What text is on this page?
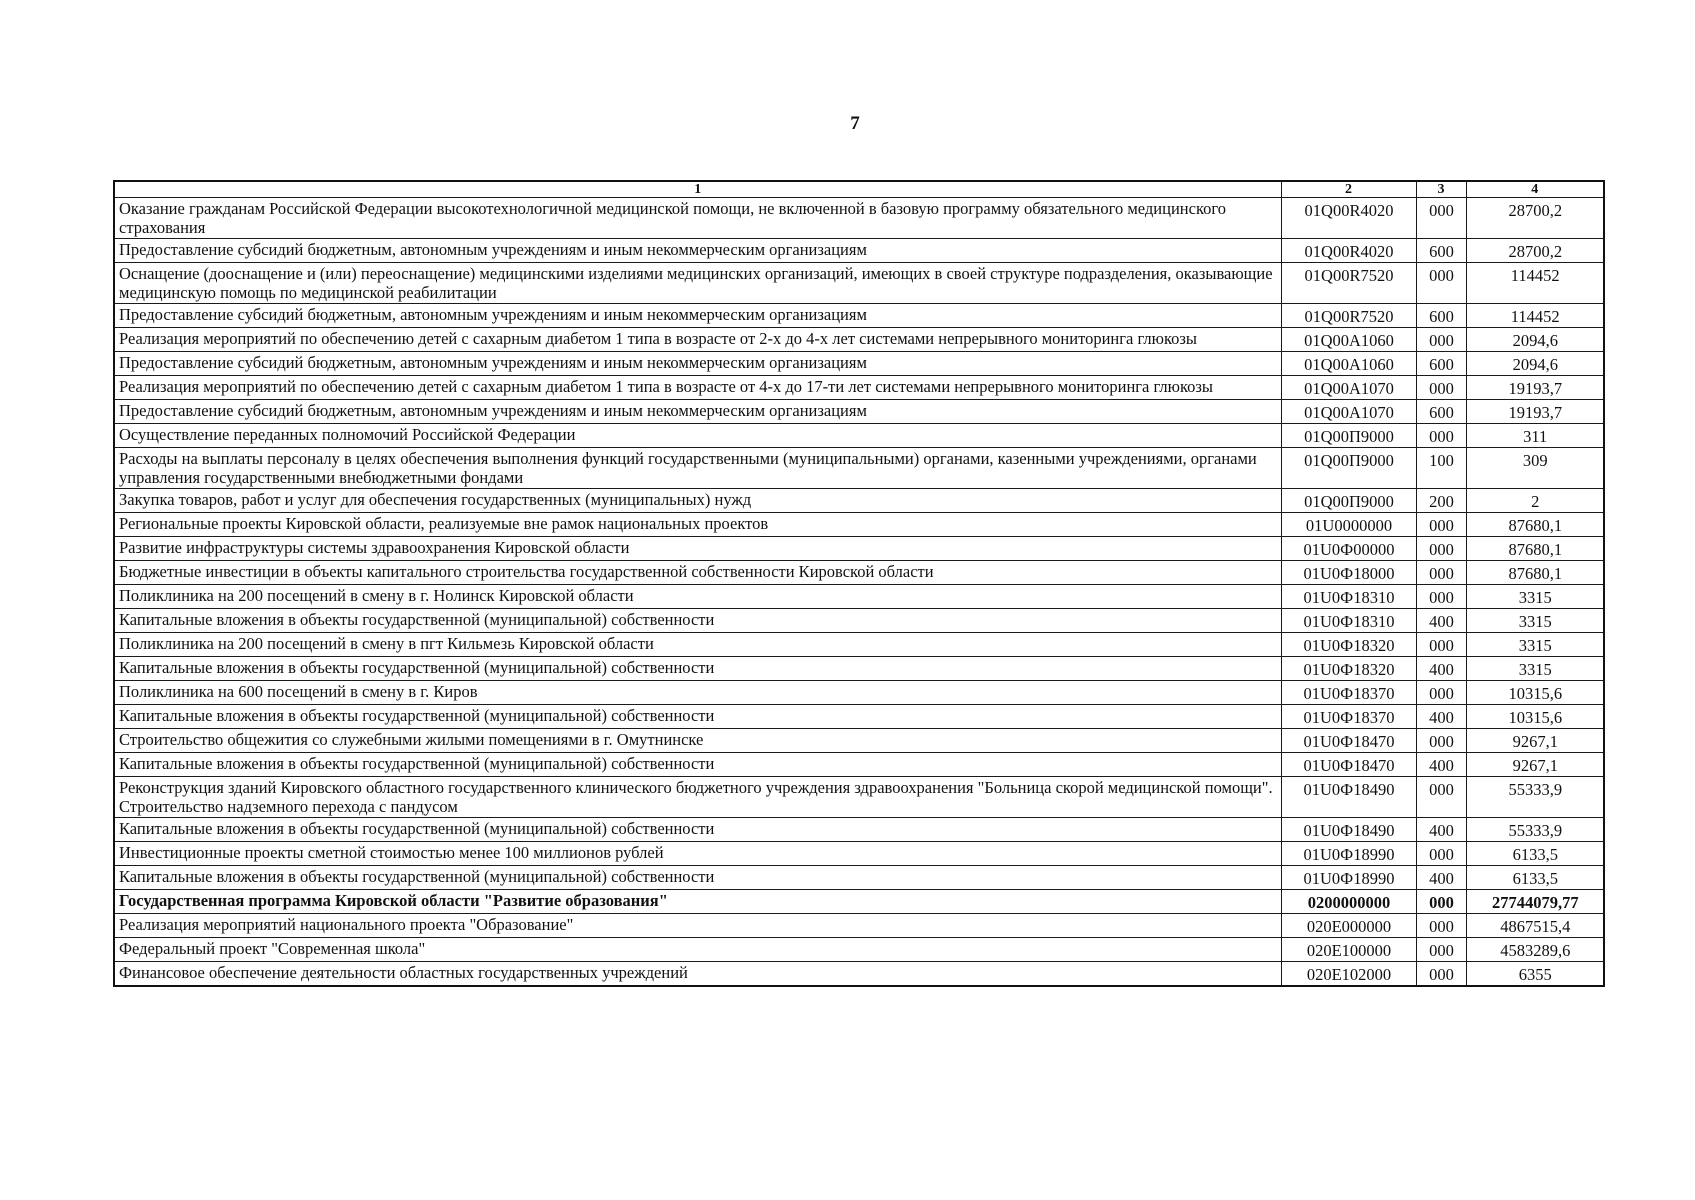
7
1	2	3	4
Оказание гражданам Российской Федерации высокотехнологичной медицинской помощи, не включенной в базовую программу обязательного медицинского страхования	01Q00R4020	000	28700,2
Предоставление субсидий бюджетным, автономным учреждениям и иным некоммерческим организациям	01Q00R4020	600	28700,2
Оснащение (дооснащение и (или) переоснащение) медицинскими изделиями медицинских организаций, имеющих в своей структуре подразделения, оказывающие медицинскую помощь по медицинской реабилитации	01Q00R7520	000	114452
Предоставление субсидий бюджетным, автономным учреждениям и иным некоммерческим организациям	01Q00R7520	600	114452
Реализация мероприятий по обеспечению детей с сахарным диабетом 1 типа в возрасте от 2-х до 4-х лет системами непрерывного мониторинга глюкозы	01Q00A1060	000	2094,6
Предоставление субсидий бюджетным, автономным учреждениям и иным некоммерческим организациям	01Q00A1060	600	2094,6
Реализация мероприятий по обеспечению детей с сахарным диабетом 1 типа в возрасте от 4-х до 17-ти лет системами непрерывного мониторинга глюкозы	01Q00A1070	000	19193,7
Предоставление субсидий бюджетным, автономным учреждениям и иным некоммерческим организациям	01Q00A1070	600	19193,7
Осуществление переданных полномочий Российской Федерации	01Q00П9000	000	311
Расходы на выплаты персоналу в целях обеспечения выполнения функций государственными (муниципальными) органами, казенными учреждениями, органами управления государственными внебюджетными фондами	01Q00П9000	100	309
Закупка товаров, работ и услуг для обеспечения государственных (муниципальных) нужд	01Q00П9000	200	2
Региональные проекты Кировской области, реализуемые вне рамок национальных проектов	01U0000000	000	87680,1
Развитие инфраструктуры системы здравоохранения Кировской области	01U0Ф00000	000	87680,1
Бюджетные инвестиции в объекты капитального строительства государственной собственности Кировской области	01U0Ф18000	000	87680,1
Поликлиника на 200 посещений в смену в г. Нолинск Кировской области	01U0Ф18310	000	3315
Капитальные вложения в объекты государственной (муниципальной) собственности	01U0Ф18310	400	3315
Поликлиника на 200 посещений в смену в пгт Кильмезь Кировской области	01U0Ф18320	000	3315
Капитальные вложения в объекты государственной (муниципальной) собственности	01U0Ф18320	400	3315
Поликлиника на 600 посещений в смену в г. Киров	01U0Ф18370	000	10315,6
Капитальные вложения в объекты государственной (муниципальной) собственности	01U0Ф18370	400	10315,6
Строительство общежития со служебными жилыми помещениями в г. Омутнинске	01U0Ф18470	000	9267,1
Капитальные вложения в объекты государственной (муниципальной) собственности	01U0Ф18470	400	9267,1
Реконструкция зданий Кировского областного государственного клинического бюджетного учреждения здравоохранения "Больница скорой медицинской помощи". Строительство надземного перехода с пандусом	01U0Ф18490	000	55333,9
Капитальные вложения в объекты государственной (муниципальной) собственности	01U0Ф18490	400	55333,9
Инвестиционные проекты сметной стоимостью менее 100 миллионов рублей	01U0Ф18990	000	6133,5
Капитальные вложения в объекты государственной (муниципальной) собственности	01U0Ф18990	400	6133,5
Государственная программа Кировской области "Развитие образования"	0200000000	000	27744079,77
Реализация мероприятий национального проекта "Образование"	020E000000	000	4867515,4
Федеральный проект "Современная школа"	020E100000	000	4583289,6
Финансовое обеспечение деятельности областных государственных учреждений	020E102000	000	6355
